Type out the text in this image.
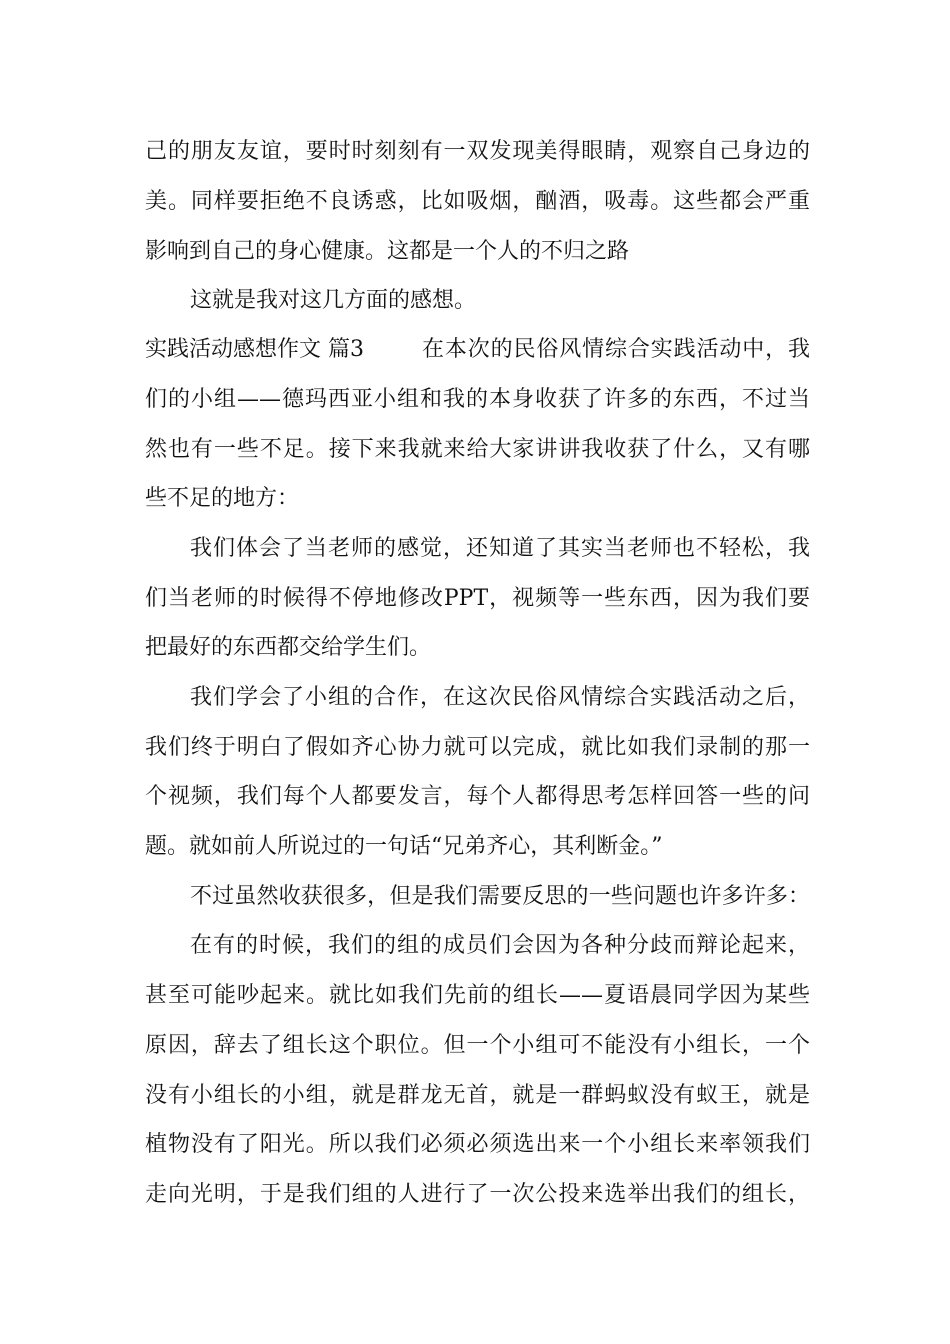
己的朋友友谊，要时时刻刻有一双发现美得眼睛，观察自己身边的
美。同样要拒绝不良诱惑，比如吸烟，酗酒，吸毒。这些都会严重
影响到自己的身心健康。这都是一个人的不归之路
这就是我对这几方面的感想。
实践活动感想作文 篇3	在本次的民俗风情综合实践活动中，我
们的小组——德玛西亚小组和我的本身收获了许多的东西，不过当
然也有一些不足。接下来我就来给大家讲讲我收获了什么，又有哪
些不足的地方：
我们体会了当老师的感觉，还知道了其实当老师也不轻松，我
们当老师的时候得不停地修改PPT，视频等一些东西，因为我们要
把最好的东西都交给学生们。
我们学会了小组的合作，在这次民俗风情综合实践活动之后，
我们终于明白了假如齐心协力就可以完成，就比如我们录制的那一
个视频，我们每个人都要发言，每个人都得思考怎样回答一些的问
题。就如前人所说过的一句话“兄弟齐心，其利断金。”
不过虽然收获很多，但是我们需要反思的一些问题也许多许多：
在有的时候，我们的组的成员们会因为各种分歧而辩论起来，
甚至可能吵起来。就比如我们先前的组长——夏语晨同学因为某些
原因，辞去了组长这个职位。但一个小组可不能没有小组长，一个
没有小组长的小组，就是群龙无首，就是一群蚂蚁没有蚁王，就是
植物没有了阳光。所以我们必须必须选出来一个小组长来率领我们
走向光明，于是我们组的人进行了一次公投来选举出我们的组长，
